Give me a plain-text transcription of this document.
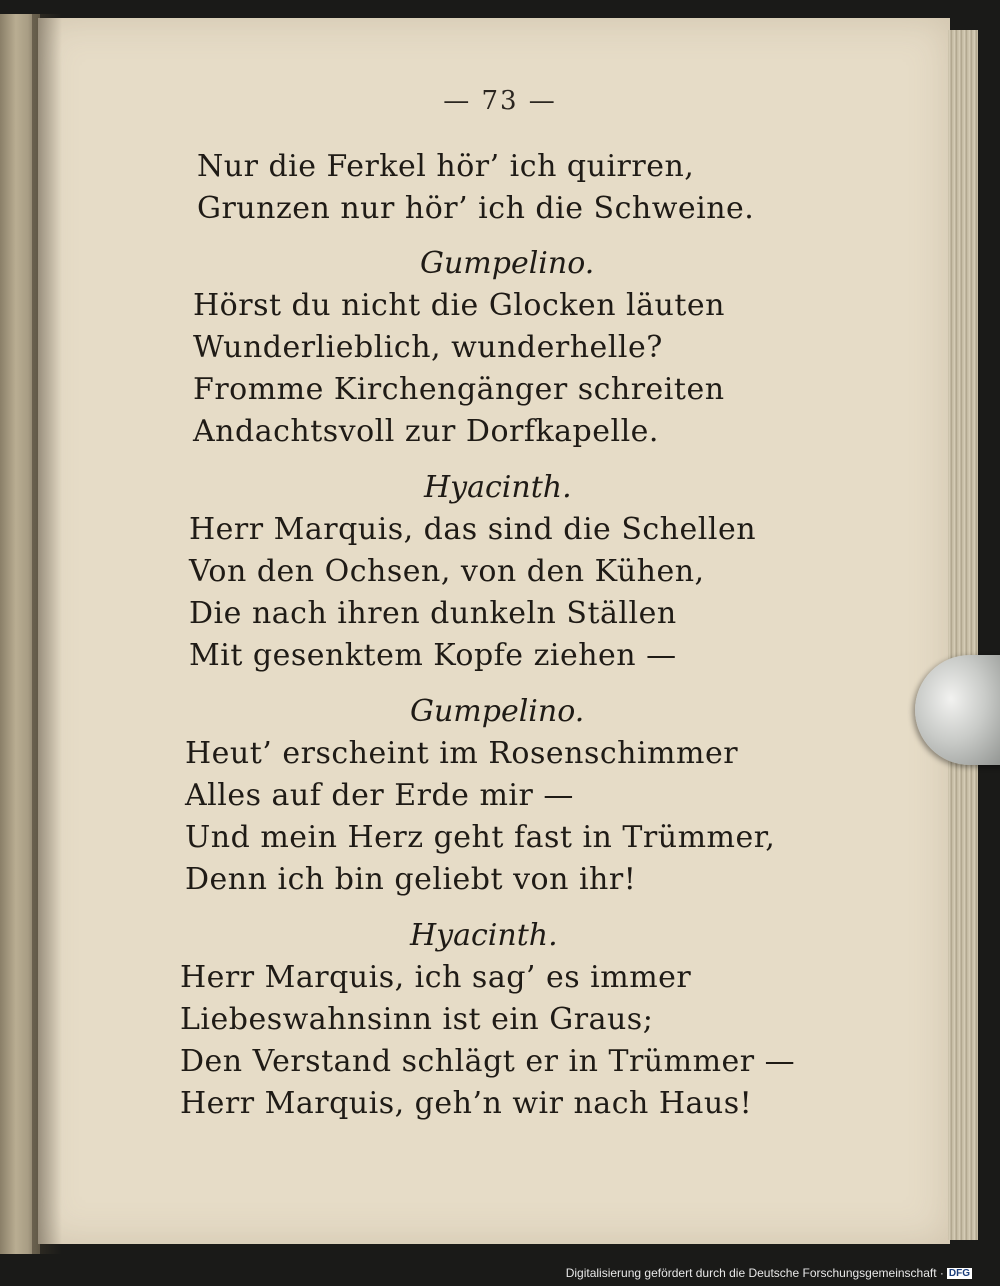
— 73 —

Nur die Ferkel hör’ ich quirren,

Grunzen nur hör’ ich die Schweine.

Gumpelino.

Hörst du nicht die Glocken läuten

Wunderlieblich, wunderhelle?

Fromme Kirchengänger schreiten

Andachtsvoll zur Dorfkapelle.

Hyacinth.

Herr Marquis, das sind die Schellen

Von den Ochsen, von den Kühen,

Die nach ihren dunkeln Ställen

Mit gesenktem Kopfe ziehen —

Gumpelino.

Heut’ erscheint im Rosenschimmer

Alles auf der Erde mir —

Und mein Herz geht fast in Trümmer,

Denn ich bin geliebt von ihr!

Hyacinth.

Herr Marquis, ich sag’ es immer

Liebeswahnsinn ist ein Graus;

Den Verstand schlägt er in Trümmer —

Herr Marquis, geh’n wir nach Haus!

Digitalisierung gefördert durch die Deutsche Forschungsgemeinschaft · DFG
